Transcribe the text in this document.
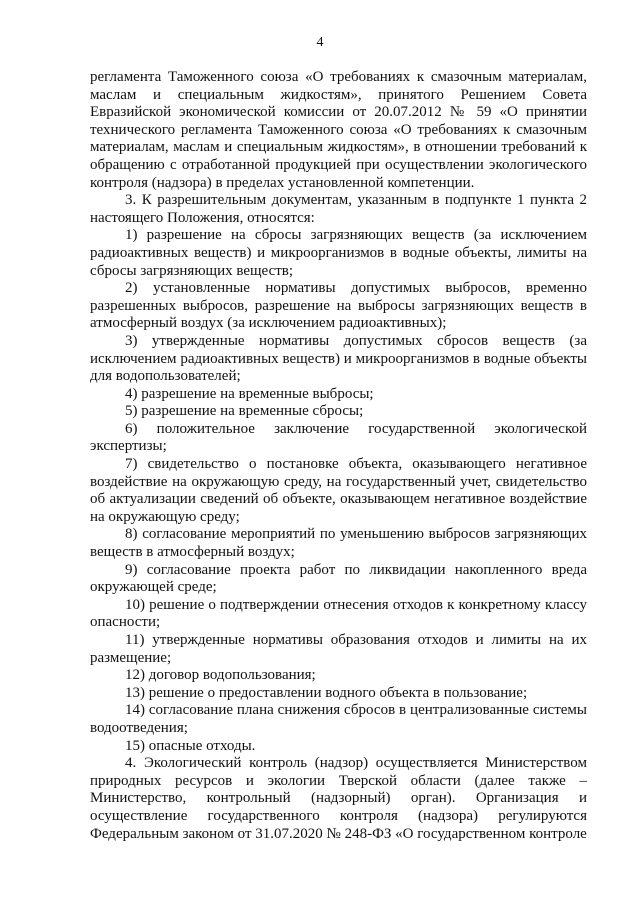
4

регламента Таможенного союза «О требованиях к смазочным материалам, маслам и специальным жидкостям», принятого Решением Совета Евразийской экономической комиссии от 20.07.2012 № 59 «О принятии технического регламента Таможенного союза «О требованиях к смазочным материалам, маслам и специальным жидкостям», в отношении требований к обращению с отработанной продукцией при осуществлении экологического контроля (надзора) в пределах установленной компетенции.

3. К разрешительным документам, указанным в подпункте 1 пункта 2 настоящего Положения, относятся:

1) разрешение на сбросы загрязняющих веществ (за исключением радиоактивных веществ) и микроорганизмов в водные объекты, лимиты на сбросы загрязняющих веществ;

2) установленные нормативы допустимых выбросов, временно разрешенных выбросов, разрешение на выбросы загрязняющих веществ в атмосферный воздух (за исключением радиоактивных);

3) утвержденные нормативы допустимых сбросов веществ (за исключением радиоактивных веществ) и микроорганизмов в водные объекты для водопользователей;

4) разрешение на временные выбросы;

5) разрешение на временные сбросы;

6) положительное заключение государственной экологической экспертизы;

7) свидетельство о постановке объекта, оказывающего негативное воздействие на окружающую среду, на государственный учет, свидетельство об актуализации сведений об объекте, оказывающем негативное воздействие на окружающую среду;

8) согласование мероприятий по уменьшению выбросов загрязняющих веществ в атмосферный воздух;

9) согласование проекта работ по ликвидации накопленного вреда окружающей среде;

10) решение о подтверждении отнесения отходов к конкретному классу опасности;

11) утвержденные нормативы образования отходов и лимиты на их размещение;

12) договор водопользования;

13) решение о предоставлении водного объекта в пользование;

14) согласование плана снижения сбросов в централизованные системы водоотведения;

15) опасные отходы.

4. Экологический контроль (надзор) осуществляется Министерством природных ресурсов и экологии Тверской области (далее также – Министерство, контрольный (надзорный) орган). Организация и осуществление государственного контроля (надзора) регулируются Федеральным законом от 31.07.2020 № 248-ФЗ «О государственном контроле
